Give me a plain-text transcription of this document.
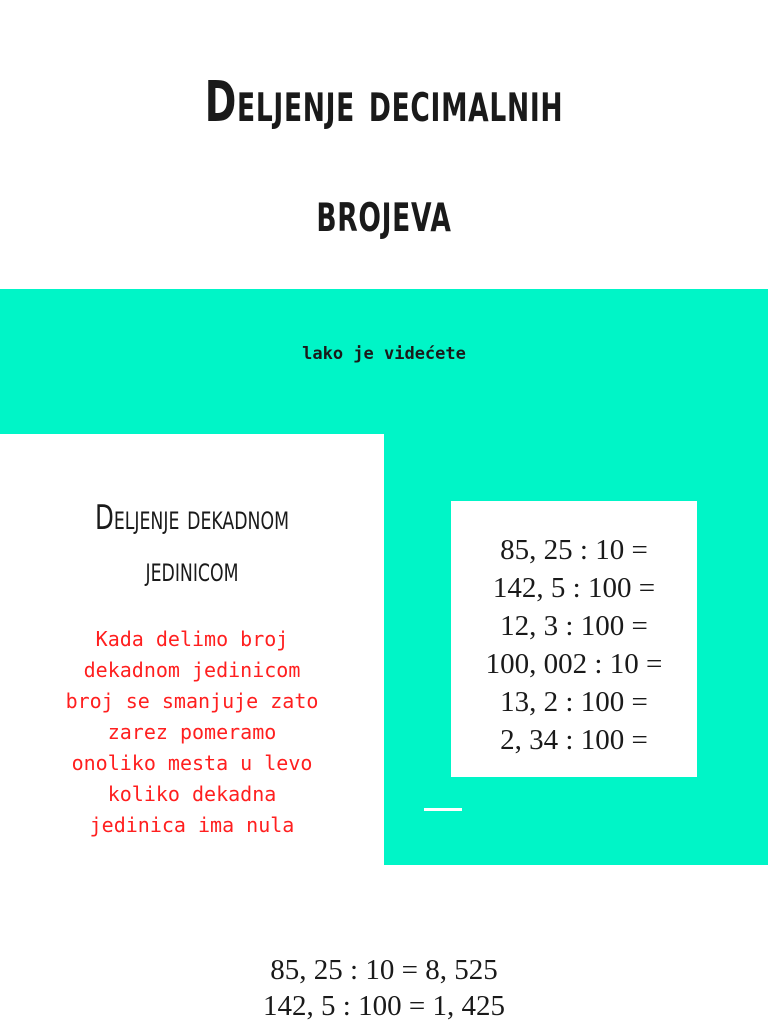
Deljenje decimalnih
brojeva
lako je videćete
Deljenje dekadnom
jedinicom
Kada delimo broj
dekadnom jedinicom
broj se smanjuje zato
zarez pomeramo
onoliko mesta u levo
koliko dekadna
jedinica ima nula
85, 25 : 10 =
142, 5 : 100 =
12, 3 : 100 =
100, 002 : 10 =
13, 2 : 100 =
2, 34 : 100 =
85, 25 : 10 = 8, 525
142, 5 : 100 = 1, 425
